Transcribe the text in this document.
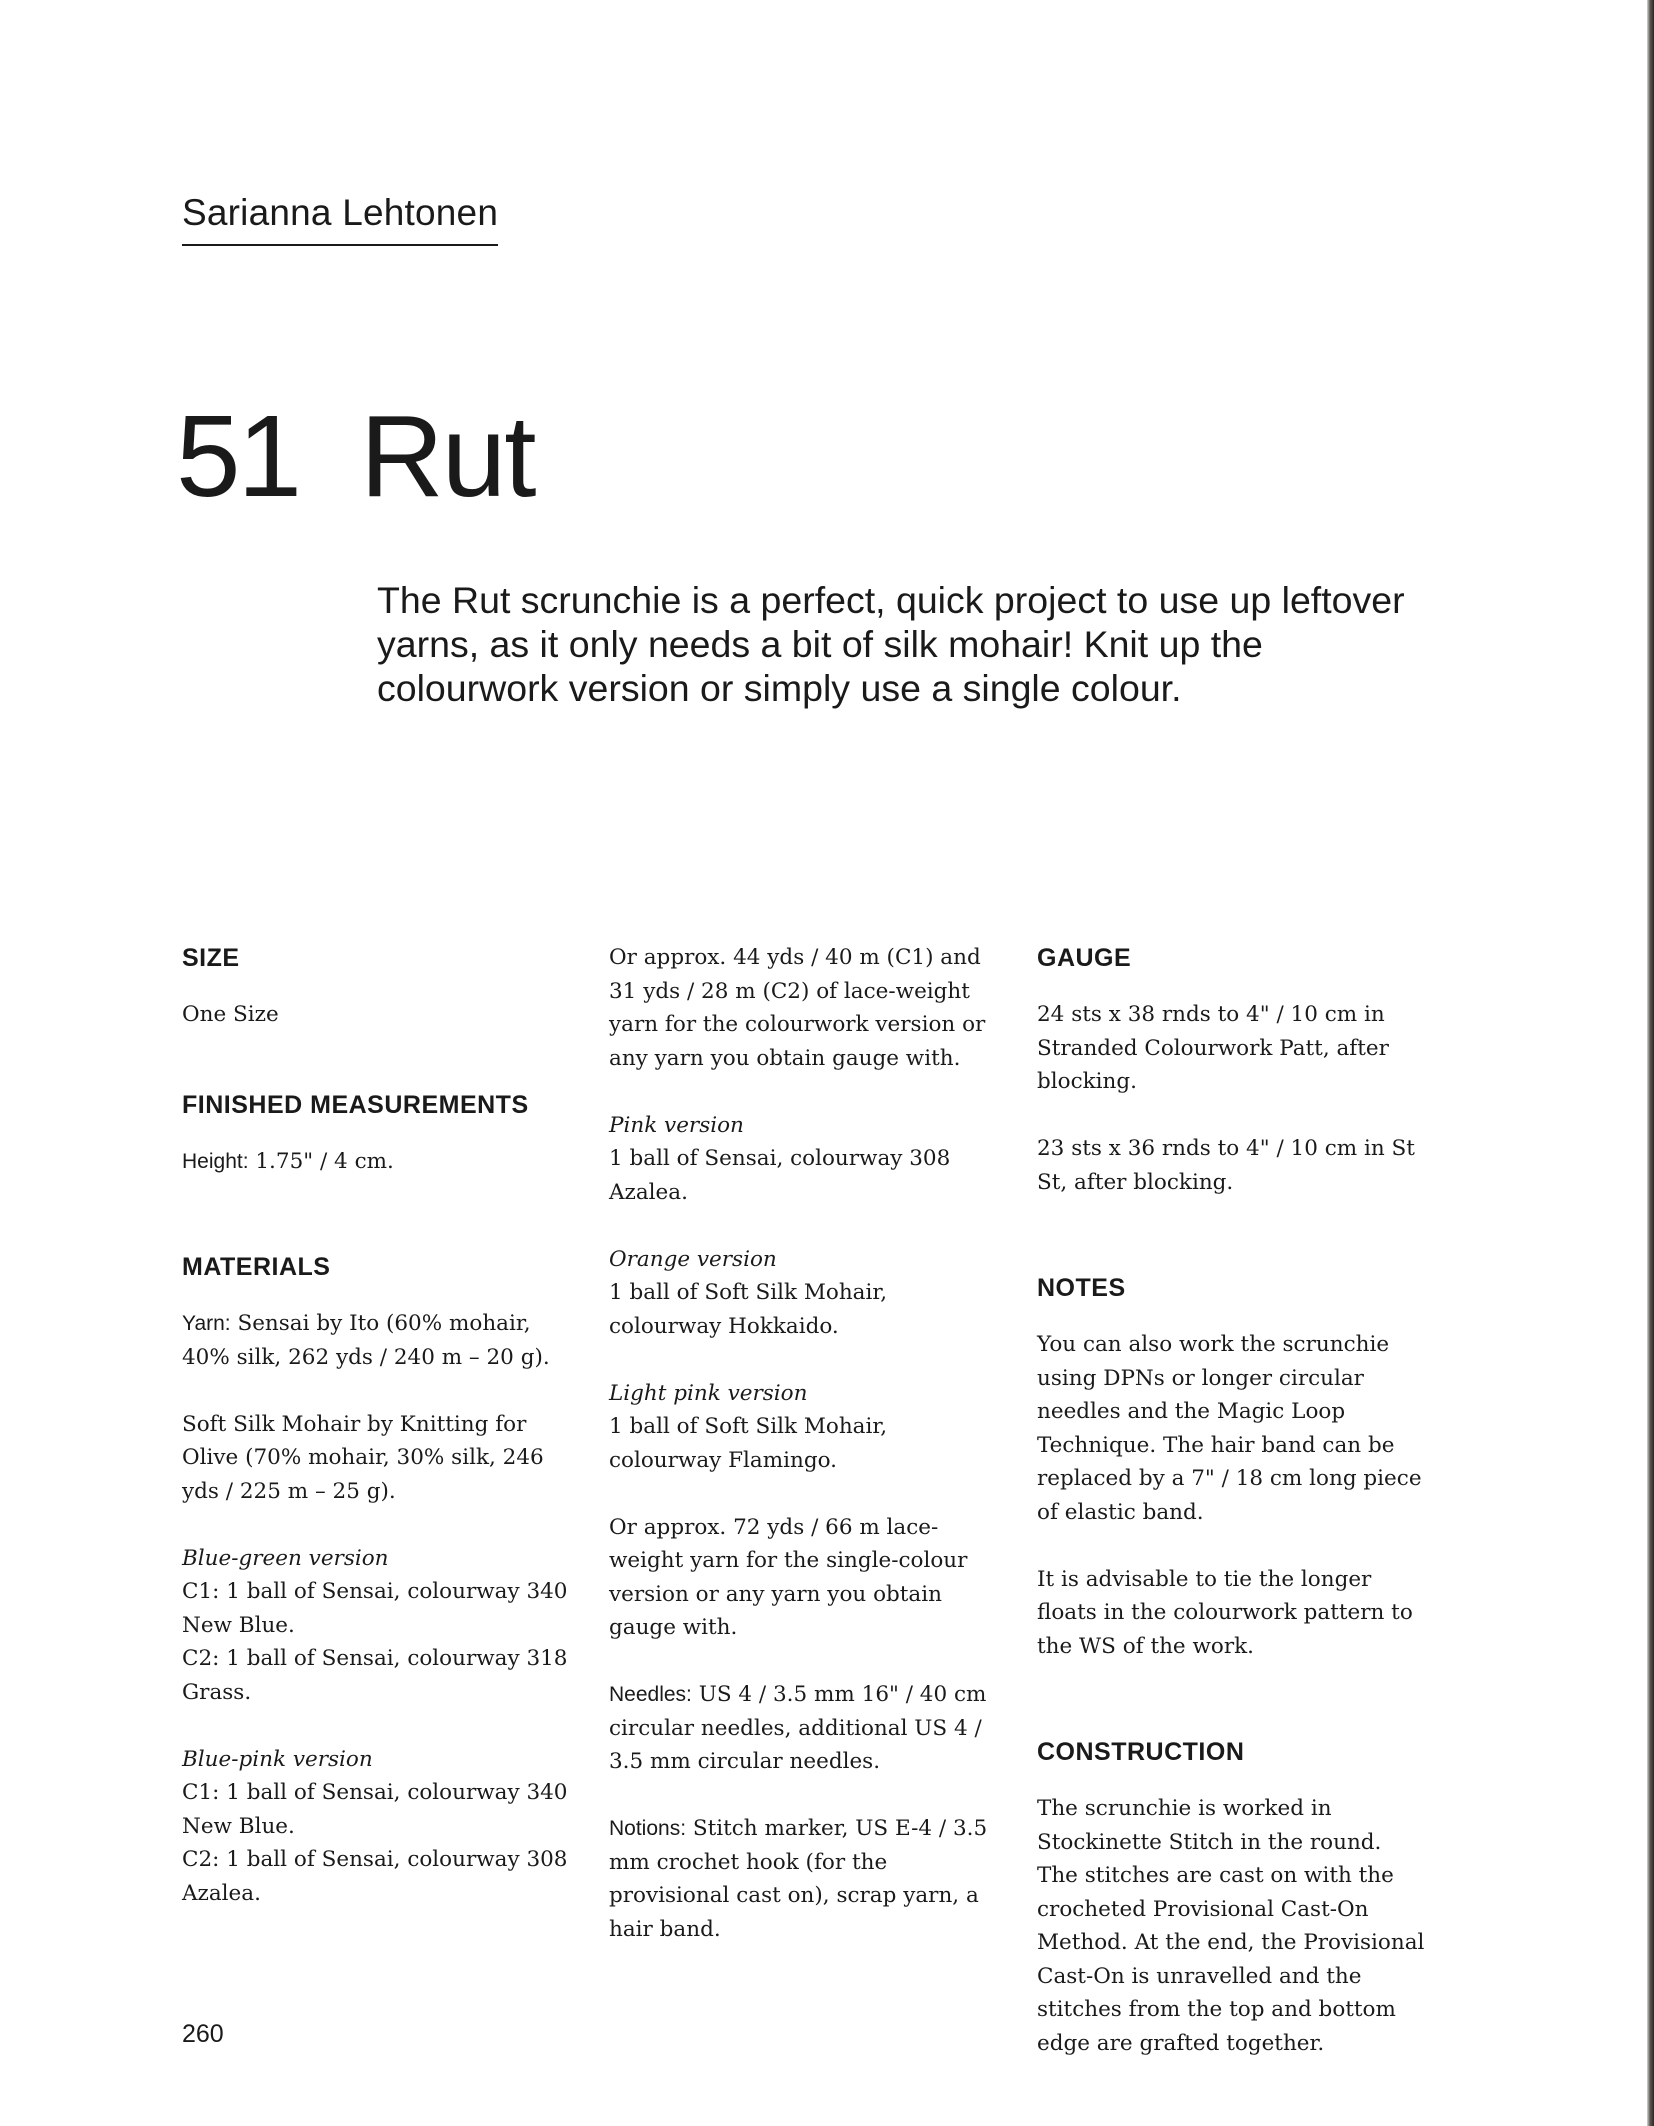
Sarianna Lehtonen
51 Rut

The Rut scrunchie is a perfect, quick project to use up leftover yarns, as it only needs a bit of silk mohair! Knit up the colourwork version or simply use a single colour.

SIZE

One Size

FINISHED MEASUREMENTS

Height: 1.75" / 4 cm.

MATERIALS

Yarn: Sensai by Ito (60% mohair, 40% silk, 262 yds / 240 m – 20 g).

Soft Silk Mohair by Knitting for Olive (70% mohair, 30% silk, 246 yds / 225 m – 25 g).

Blue-green version

C1: 1 ball of Sensai, colourway 340 New Blue.

C2: 1 ball of Sensai, colourway 318 Grass.

Blue-pink version

C1: 1 ball of Sensai, colourway 340 New Blue.

C2: 1 ball of Sensai, colourway 308 Azalea.

Or approx. 44 yds / 40 m (C1) and 31 yds / 28 m (C2) of lace-weight yarn for the colourwork version or any yarn you obtain gauge with.

Pink version

1 ball of Sensai, colourway 308 Azalea.

Orange version

1 ball of Soft Silk Mohair, colourway Hokkaido.

Light pink version

1 ball of Soft Silk Mohair, colourway Flamingo.

Or approx. 72 yds / 66 m lace-weight yarn for the single-colour version or any yarn you obtain gauge with.

Needles: US 4 / 3.5 mm 16" / 40 cm circular needles, additional US 4 / 3.5 mm circular needles.

Notions: Stitch marker, US E-4 / 3.5 mm crochet hook (for the provisional cast on), scrap yarn, a hair band.

GAUGE

24 sts x 38 rnds to 4" / 10 cm in Stranded Colourwork Patt, after blocking.

23 sts x 36 rnds to 4" / 10 cm in St St, after blocking.

NOTES

You can also work the scrunchie using DPNs or longer circular needles and the Magic Loop Technique. The hair band can be replaced by a 7" / 18 cm long piece of elastic band.

It is advisable to tie the longer floats in the colourwork pattern to the WS of the work.

CONSTRUCTION

The scrunchie is worked in Stockinette Stitch in the round. The stitches are cast on with the crocheted Provisional Cast-On Method. At the end, the Provisional Cast-On is unravelled and the stitches from the top and bottom edge are grafted together.

260
